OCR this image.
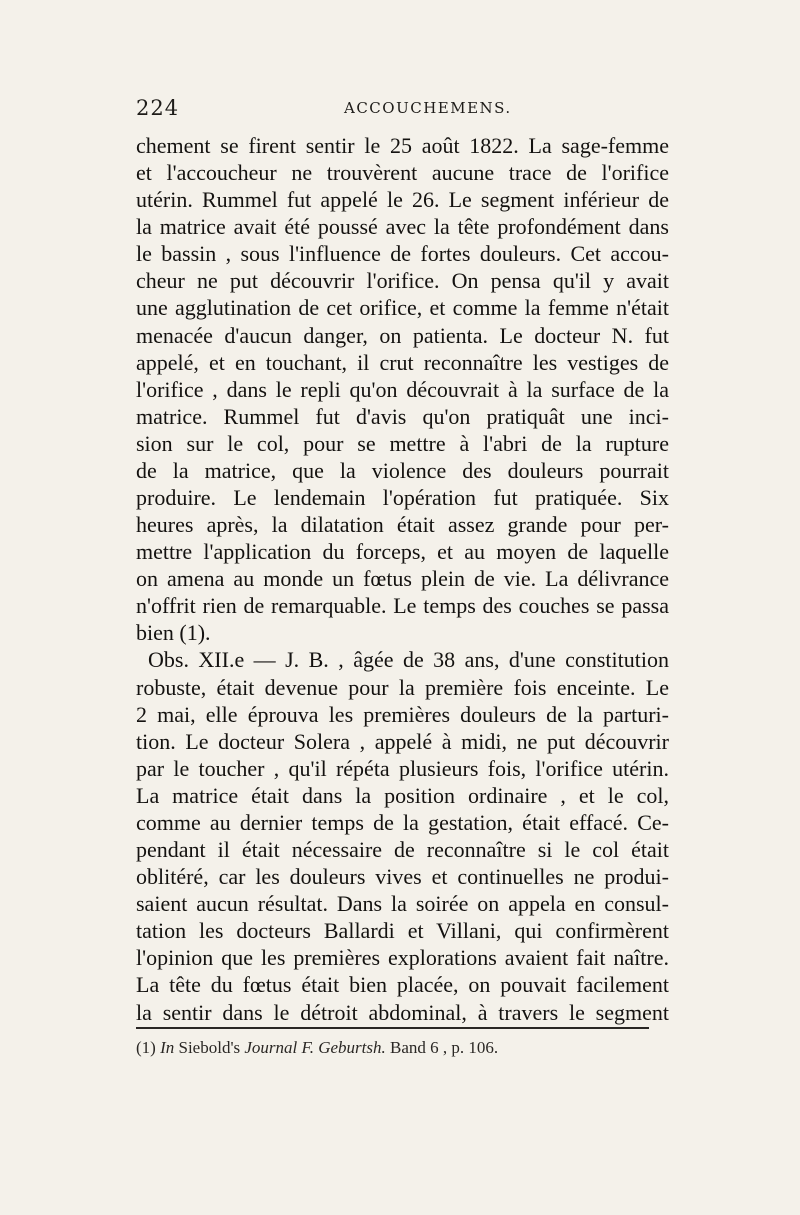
224	ACCOUCHEMENS.
chement se firent sentir le 25 août 1822. La sage-femme
et l'accoucheur ne trouvèrent aucune trace de l'orifice
utérin. Rummel fut appelé le 26. Le segment inférieur de
la matrice avait été poussé avec la tête profondément dans
le bassin , sous l'influence de fortes douleurs. Cet accou-
cheur ne put découvrir l'orifice. On pensa qu'il y avait
une agglutination de cet orifice, et comme la femme n'était
menacée d'aucun danger, on patienta. Le docteur N. fut
appelé, et en touchant, il crut reconnaître les vestiges de
l'orifice , dans le repli qu'on découvrait à la surface de la
matrice. Rummel fut d'avis qu'on pratiquât une inci-
sion sur le col, pour se mettre à l'abri de la rupture
de la matrice, que la violence des douleurs pourrait
produire. Le lendemain l'opération fut pratiquée. Six
heures après, la dilatation était assez grande pour per-
mettre l'application du forceps, et au moyen de laquelle
on amena au monde un fœtus plein de vie. La délivrance
n'offrit rien de remarquable. Le temps des couches se passa
bien (1).
Obs. XII.e — J. B. , âgée de 38 ans, d'une constitution
robuste, était devenue pour la première fois enceinte. Le
2 mai, elle éprouva les premières douleurs de la parturi-
tion. Le docteur Solera , appelé à midi, ne put découvrir
par le toucher , qu'il répéta plusieurs fois, l'orifice utérin.
La matrice était dans la position ordinaire , et le col,
comme au dernier temps de la gestation, était effacé. Ce-
pendant il était nécessaire de reconnaître si le col était
oblitéré, car les douleurs vives et continuelles ne produi-
saient aucun résultat. Dans la soirée on appela en consul-
tation les docteurs Ballardi et Villani, qui confirmèrent
l'opinion que les premières explorations avaient fait naître.
La tête du fœtus était bien placée, on pouvait facilement
la sentir dans le détroit abdominal, à travers le segment
(1) In Siebold's Journal F. Geburtsh. Band 6 , p. 106.
